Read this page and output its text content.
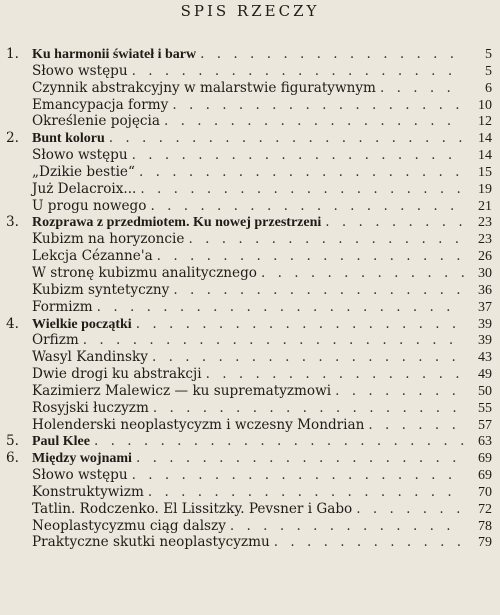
SPIS RZECZY
1. Ku harmonii świateł i barw . . .	5
Słowo wstępu . . .	5
Czynnik abstrakcyjny w malarstwie figuratywnym . . .	6
Emancypacja formy . . .	10
Określenie pojęcia . . .	12
2. Bunt koloru . . .	14
Słowo wstępu . . .	14
„Dzikie bestie“ . . .	15
Już Delacroix... . . .	19
U progu nowego . . .	21
3. Rozprawa z przedmiotem. Ku nowej przestrzeni . . .	23
Kubizm na horyzoncie . . .	23
Lekcja Cézanne'a . . .	26
W stronę kubizmu analitycznego . . .	30
Kubizm syntetyczny . . .	36
Formizm . . .	37
4. Wielkie początki . . .	39
Orfizm . . .	39
Wasyl Kandinsky . . .	43
Dwie drogi ku abstrakcji . . .	49
Kazimierz Malewicz — ku suprematyzmowi . . .	50
Rosyjski łuczyzm . . .	55
Holenderski neoplastycyzm i wczesny Mondrian . . .	57
5. Paul Klee . . .	63
6. Między wojnami . . .	69
Słowo wstępu . . .	69
Konstruktywizm . . .	70
Tatlin. Rodczenko. El Lissitzky. Pevsner i Gabo . . .	72
Neoplastycyzmu ciąg dalszy . . .	78
Praktyczne skutki neoplastycyzmu . . .	79
